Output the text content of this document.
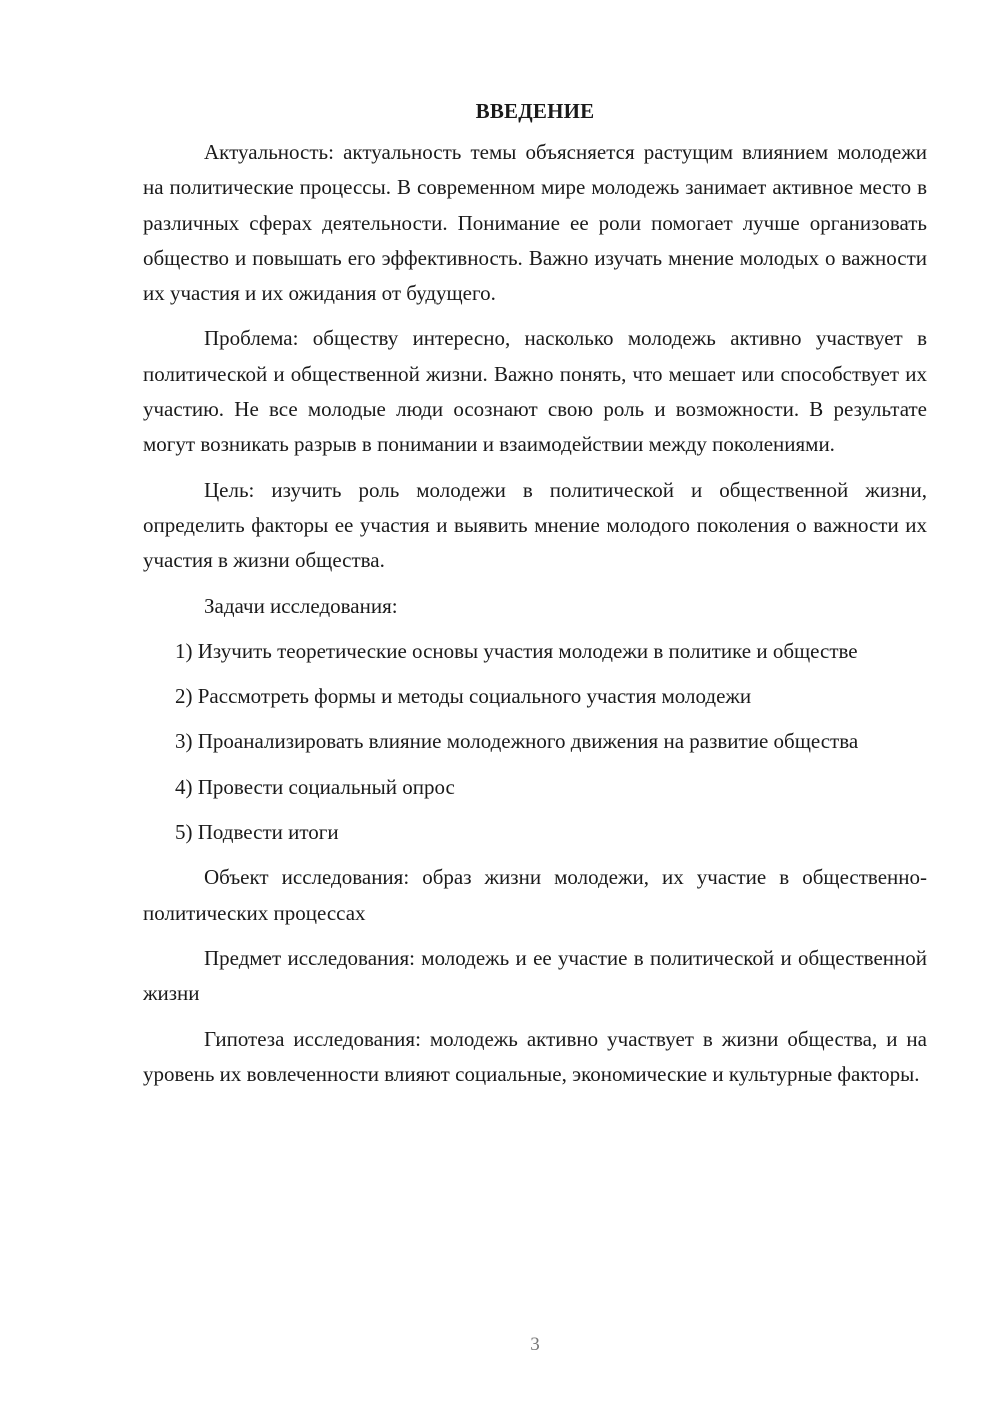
ВВЕДЕНИЕ

Актуальность: актуальность темы объясняется растущим влиянием молодежи на политические процессы. В современном мире молодежь занимает активное место в различных сферах деятельности. Понимание ее роли помогает лучше организовать общество и повышать его эффективность. Важно изучать мнение молодых о важности их участия и их ожидания от будущего.

Проблема: обществу интересно, насколько молодежь активно участвует в политической и общественной жизни. Важно понять, что мешает или способствует их участию. Не все молодые люди осознают свою роль и возможности. В результате могут возникать разрыв в понимании и взаимодействии между поколениями.

Цель: изучить роль молодежи в политической и общественной жизни, определить факторы ее участия и выявить мнение молодого поколения о важности их участия в жизни общества.

Задачи исследования:

1) Изучить теоретические основы участия молодежи в политике и обществе

2) Рассмотреть формы и методы социального участия молодежи

3) Проанализировать влияние молодежного движения на развитие общества

4) Провести социальный опрос

5) Подвести итоги

Объект исследования: образ жизни молодежи, их участие в общественно-политических процессах

Предмет исследования: молодежь и ее участие в политической и общественной жизни

Гипотеза исследования: молодежь активно участвует в жизни общества, и на уровень их вовлеченности влияют социальные, экономические и культурные факторы.

3
